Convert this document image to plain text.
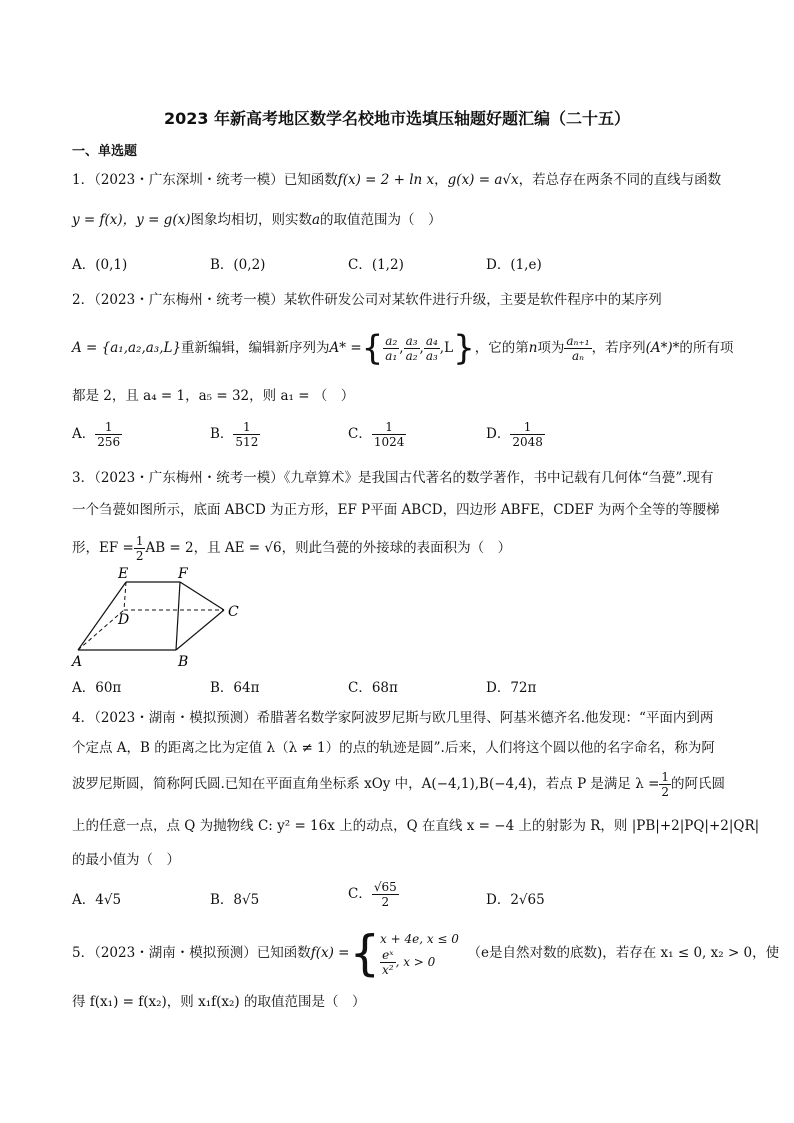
2023 年新高考地区数学名校地市选填压轴题好题汇编（二十五）
一、单选题
1．（2023・广东深圳・统考一模）已知函数f(x) = 2 + ln x，g(x) = a√x，若总存在两条不同的直线与函数
y = f(x)，y = g(x)图象均相切，则实数a的取值范围为（　）
A．(0,1)	B．(0,2)	C．(1,2)	D．(1,e)
2．（2023・广东梅州・统考一模）某软件研发公司对某软件进行升级，主要是软件程序中的某序列
A = {a₁,a₂,a₃,L}重新编辑，编辑新序列为A* ={ $\frac{\text{a₂}}{\text{a₁}}$ , $\frac{\text{a₃}}{\text{a₂}}$ , $\frac{\text{a₄}}{\text{a₃}} ,L$}，它的第n项为 $\frac{\text{aₙ₊₁}}{\text{aₙ}}$ ，若序列(A*)*的所有项
都是 2，且 a₄ = 1，a₅ = 32，则 a₁ = （　）
A． $\frac{1}{256}$	B． $\frac{1}{512}$	C． $\frac{1}{1024}$	D． $\frac{1}{2048}$
3．（2023・广东梅州・统考一模）《九章算术》是我国古代著名的数学著作，书中记载有几何体“刍甍”.现有
一个刍甍如图所示，底面 ABCD 为正方形，EF P平面 ABCD，四边形 ABFE，CDEF 为两个全等的等腰梯
形，EF = $\frac{1}{2}$ AB = 2，且 AE = √6，则此刍甍的外接球的表面积为（　）
E	F
D	C
A	B
A．60π	B．64π	C．68π	D．72π
4．（2023・湖南・模拟预测）希腊著名数学家阿波罗尼斯与欧几里得、阿基米德齐名.他发现：“平面内到两
个定点 A，B 的距离之比为定值 λ（λ ≠ 1）的点的轨迹是圆”.后来，人们将这个圆以他的名字命名，称为阿
波罗尼斯圆，简称阿氏圆.已知在平面直角坐标系 xOy 中，A(−4,1),B(−4,4)，若点 P 是满足 $\lambda = \frac{1}{2}$ 的阿氏圆
上的任意一点，点 Q 为抛物线 C: y² = 16x 上的动点，Q 在直线 x = −4 上的射影为 R，则 |PB|+2|PQ|+2|QR|
的最小值为（　）
A．4√5	B．8√5	C． $\frac{√65}{2}$	D．2√65
5．（2023・湖南・模拟预测）已知函数f(x) ={ x + 4e, x ≤ 0
$\frac{\text{eˣ}}{\text{x²}}$ , x > 0
（e是自然对数的底数)，若存在 x₁ ≤ 0, x₂ > 0，使
得 f(x₁) = f(x₂)，则 x₁f(x₂) 的取值范围是（　）
